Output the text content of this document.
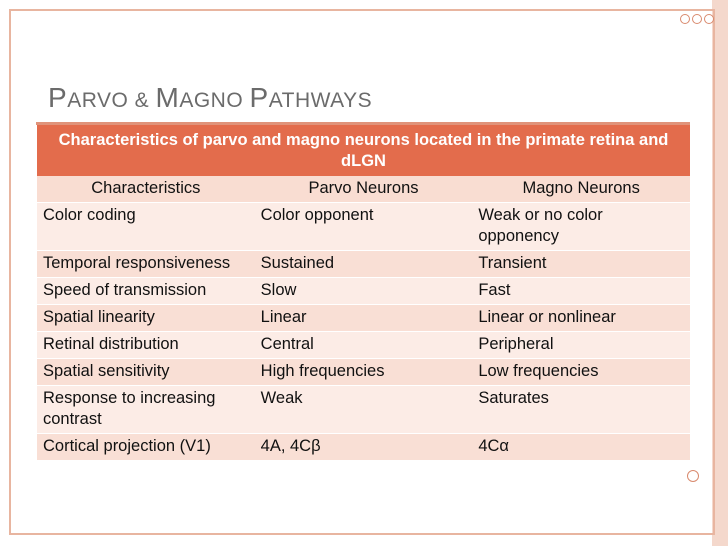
PARVO & MAGNO PATHWAYS
Characteristics of parvo and magno neurons located in the primate retina and dLGN		
Characteristics	Parvo Neurons	Magno Neurons
Color coding	Color opponent	Weak or no color opponency
Temporal responsiveness	Sustained	Transient
Speed of transmission	Slow	Fast
Spatial linearity	Linear	Linear or nonlinear
Retinal distribution	Central	Peripheral
Spatial sensitivity	High frequencies	Low frequencies
Response to increasing contrast	Weak	Saturates
Cortical projection (V1)	4A, 4Cβ	4Cα
